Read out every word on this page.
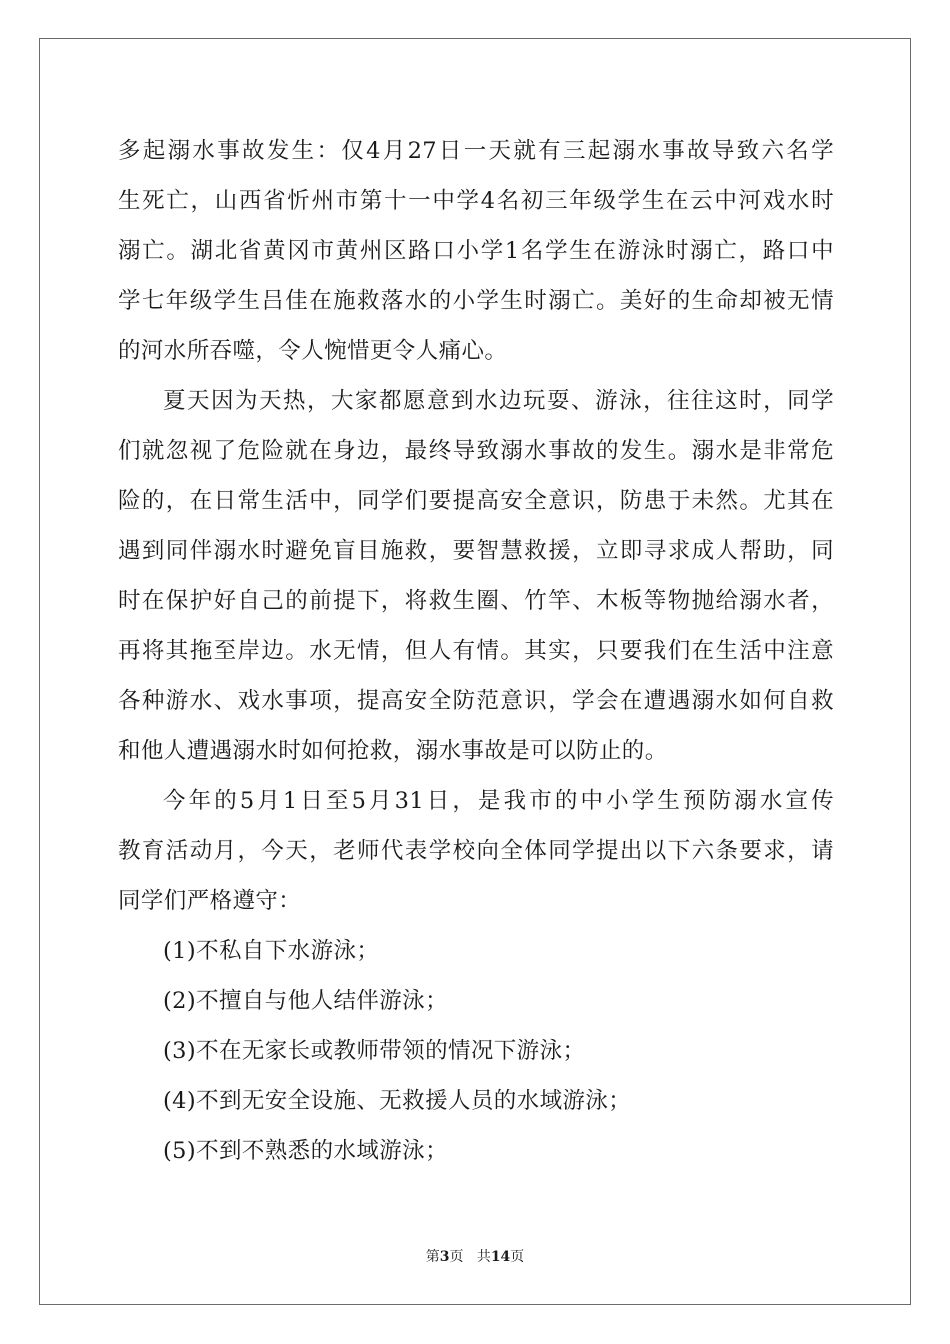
多起溺水事故发生：仅4月27日一天就有三起溺水事故导致六名学
生死亡，山西省忻州市第十一中学4名初三年级学生在云中河戏水时
溺亡。湖北省黄冈市黄州区路口小学1名学生在游泳时溺亡，路口中
学七年级学生吕佳在施救落水的小学生时溺亡。美好的生命却被无情
的河水所吞噬，令人惋惜更令人痛心。
夏天因为天热，大家都愿意到水边玩耍、游泳，往往这时，同学
们就忽视了危险就在身边，最终导致溺水事故的发生。溺水是非常危
险的，在日常生活中，同学们要提高安全意识，防患于未然。尤其在
遇到同伴溺水时避免盲目施救，要智慧救援，立即寻求成人帮助，同
时在保护好自己的前提下，将救生圈、竹竿、木板等物抛给溺水者，
再将其拖至岸边。水无情，但人有情。其实，只要我们在生活中注意
各种游水、戏水事项，提高安全防范意识，学会在遭遇溺水如何自救
和他人遭遇溺水时如何抢救，溺水事故是可以防止的。
今年的5月1日至5月31日，是我市的中小学生预防溺水宣传
教育活动月，今天，老师代表学校向全体同学提出以下六条要求，请
同学们严格遵守：
(1)不私自下水游泳；
(2)不擅自与他人结伴游泳；
(3)不在无家长或教师带领的情况下游泳；
(4)不到无安全设施、无救援人员的水域游泳；
(5)不到不熟悉的水域游泳；
第3页 共14页
